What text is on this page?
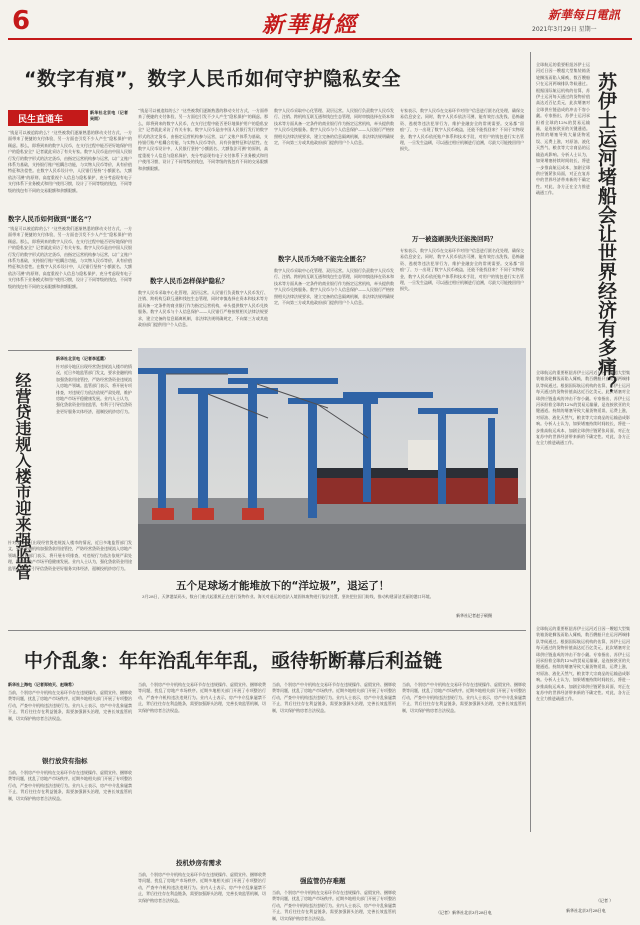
6	新華財經	新華每日電訊
2021年3月29日 星期一
“数字有痕”，数字人民币如何守护隐私安全
民生直通车
新华社北京电（记者吴雨）
“钱是可以被追踪的么？”这些被我们逐渐熟悉的移动支付方式，一方面带来了便捷的支付体验，另一方面也引发不少人产生“隐私保护”的顾虑。那么，即将到来的数字人民币，在支付过程中能否更好地保护用户的隐私安全？记者就此采访了有关专家。数字人民币是由中国人民银行发行的数字形式的法定货币，由指定运营机构参与运营，以广义账户体系为基础，支持银行账户松耦合功能，与实物人民币等价，具有价值特征和法偿性。在数字人民币设计中，人民银行坚持“小额匿名、大额依法可溯”的原则，高度重视个人信息与隐私保护，充分考虑现有电子支付体系下业务模式和用户使用习惯，设计了不同等级的钱包，不同等级的钱包有不同的交易限额和余额限额。
数字人民币如何做到“匿名”？
“钱是可以被追踪的么？”这些被我们逐渐熟悉的移动支付方式，一方面带来了便捷的支付体验，另一方面也引发不少人产生“隐私保护”的顾虑。那么，即将到来的数字人民币，在支付过程中能否更好地保护用户的隐私安全？记者就此采访了有关专家。数字人民币是由中国人民银行发行的数字形式的法定货币，由指定运营机构参与运营，以广义账户体系为基础，支持银行账户松耦合功能，与实物人民币等价，具有价值特征和法偿性。在数字人民币设计中，人民银行坚持“小额匿名、大额依法可溯”的原则，高度重视个人信息与隐私保护，充分考虑现有电子支付体系下业务模式和用户使用习惯，设计了不同等级的钱包，不同等级的钱包有不同的交易限额和余额限额。
“钱是可以被追踪的么？”这些被我们逐渐熟悉的移动支付方式，一方面带来了便捷的支付体验，另一方面也引发不少人产生“隐私保护”的顾虑。那么，即将到来的数字人民币，在支付过程中能否更好地保护用户的隐私安全？记者就此采访了有关专家。数字人民币是由中国人民银行发行的数字形式的法定货币，由指定运营机构参与运营，以广义账户体系为基础，支持银行账户松耦合功能，与实物人民币等价，具有价值特征和法偿性。在数字人民币设计中，人民银行坚持“小额匿名、大额依法可溯”的原则，高度重视个人信息与隐私保护，充分考虑现有电子支付体系下业务模式和用户使用习惯，设计了不同等级的钱包，不同等级的钱包有不同的交易限额和余额限额。
数字人民币怎样保护隐私？
数字人民币采取中心化管理、双层运营。人民银行负责数字人民币发行、注销、跨机构互联互通和钱包生态管理，同时审慎选择在资本和技术等方面具备一定条件的商业银行作为指定运营机构，牵头提供数字人民币兑换服务。数字人民币与个人信息保护——人民银行严格按照相关法律法规要求，建立完备的信息隔离机制，非法律法规明确规定，不向第三方或其他政府部门提供用户个人信息。
数字人民币采取中心化管理、双层运营。人民银行负责数字人民币发行、注销、跨机构互联互通和钱包生态管理，同时审慎选择在资本和技术等方面具备一定条件的商业银行作为指定运营机构，牵头提供数字人民币兑换服务。数字人民币与个人信息保护——人民银行严格按照相关法律法规要求，建立完备的信息隔离机制，非法律法规明确规定，不向第三方或其他政府部门提供用户个人信息。
数字人民币为啥不能完全匿名？
数字人民币采取中心化管理、双层运营。人民银行负责数字人民币发行、注销、跨机构互联互通和钱包生态管理，同时审慎选择在资本和技术等方面具备一定条件的商业银行作为指定运营机构，牵头提供数字人民币兑换服务。数字人民币与个人信息保护——人民银行严格按照相关法律法规要求，建立完备的信息隔离机制，非法律法规明确规定，不向第三方或其他政府部门提供用户个人信息。
专家表示，数字人民币在交易环节对用户信息进行匿名化处理，确保交易信息安全。同时，数字人民币依法可溯，能有效打击洗钱、恐怖融资、逃税等违法犯罪行为，维护金融安全的常规需要。交易都“留痕”了，万一出现了数字人民币被盗，还能不能找回来？不同于实物现金，数字人民币依托账户体系和技术手段，对用户的钱包进行实名管理，一旦发生盗刷，可以通过相应机制进行追溯，尽最大可能挽回用户损失。
万一被盗刷损失还能挽回吗？
专家表示，数字人民币在交易环节对用户信息进行匿名化处理，确保交易信息安全。同时，数字人民币依法可溯，能有效打击洗钱、恐怖融资、逃税等违法犯罪行为，维护金融安全的常规需要。交易都“留痕”了，万一出现了数字人民币被盗，还能不能找回来？不同于实物现金，数字人民币依托账户体系和技术手段，对用户的钱包进行实名管理，一旦发生盗刷，可以通过相应机制进行追溯，尽最大可能挽回用户损失。	苏伊士运河堵船会让世界经济有多痛？
全球航运的重要枢纽苏伊士运河近日因一艘超大型集装箱货轮搁浅而陷入瘫痪，数百艘船只在运河两端排队等候通过。根据国际航运机构的估算，苏伊士运河每天通过的货物价值高达近百亿美元，此次堵塞对全球供应链造成的冲击不容小觑。专家指出，苏伊士运河承担着全球约12%的贸易运输量，是连接欧亚的关键通道。持续的堵塞导致大量货物延误、运费上涨，对原油、液化天然气、粮食等大宗商品的运输造成影响。分析人士认为，如果堵塞持续时间较长，将进一步推高航运成本，加剧全球供应链紧张局面，对正在复苏中的世界经济带来新的不确定性。对此，各方正在全力推进疏通工作。
全球航运的重要枢纽苏伊士运河近日因一艘超大型集装箱货轮搁浅而陷入瘫痪，数百艘船只在运河两端排队等候通过。根据国际航运机构的估算，苏伊士运河每天通过的货物价值高达近百亿美元，此次堵塞对全球供应链造成的冲击不容小觑。专家指出，苏伊士运河承担着全球约12%的贸易运输量，是连接欧亚的关键通道。持续的堵塞导致大量货物延误、运费上涨，对原油、液化天然气、粮食等大宗商品的运输造成影响。分析人士认为，如果堵塞持续时间较长，将进一步推高航运成本，加剧全球供应链紧张局面，对正在复苏中的世界经济带来新的不确定性。对此，各方正在全力推进疏通工作。
全球航运的重要枢纽苏伊士运河近日因一艘超大型集装箱货轮搁浅而陷入瘫痪，数百艘船只在运河两端排队等候通过。根据国际航运机构的估算，苏伊士运河每天通过的货物价值高达近百亿美元，此次堵塞对全球供应链造成的冲击不容小觑。专家指出，苏伊士运河承担着全球约12%的贸易运输量，是连接欧亚的关键通道。持续的堵塞导致大量货物延误、运费上涨，对原油、液化天然气、粮食等大宗商品的运输造成影响。分析人士认为，如果堵塞持续时间较长，将进一步推高航运成本，加剧全球供应链紧张局面，对正在复苏中的世界经济带来新的不确定性。对此，各方正在全力推进疏通工作。
（记者 ）
新华社北京3月28日电
经营贷违规入楼市迎来强监管
新华社北京电（记者李延霞）
针对部分地区出现经营贷违规流入楼市的情况，近日多地监管部门发文，要求金融机构加强贷款用途管控，严防经营贷资金违规流入房地产领域。监管部门表示，将开展专项排查，对违规行为依法依规严肃处理，维护房地产市场平稳健康发展。业内人士认为，强化贷款资金用途监管，有利于引导信贷资金更好服务实体经济，遏制投机炒房行为。
针对部分地区出现经营贷违规流入楼市的情况，近日多地监管部门发文，要求金融机构加强贷款用途管控，严防经营贷资金违规流入房地产领域。监管部门表示，将开展专项排查，对违规行为依法依规严肃处理，维护房地产市场平稳健康发展。业内人士认为，强化贷款资金用途监管，有利于引导信贷资金更好服务实体经济，遏制投机炒房行为。
五个足球场才能堆放下的“洋垃圾”，退运了！
3月28日，天津港某码头，数台门座式起重机正在进行货物作业。海关对退运的违法入境固体废物进行依法处置，坚决把住国门防线，推动构建清洁美丽的港口环境。
新华社记者赵子硕摄
中介乱象：年年治乱年年乱，亟待斩断幕后利益链
新华社上海电（记者郑钧天、赵瑞希）
当前，个别房产中介机构在交易环节存在违规操作、虚假宣传、捆绑收费等问题，扰乱了房地产市场秩序。近期多地相关部门开展了专项整治行动，严查中介机构违法违规行为。业内人士表示，房产中介乱象屡禁不止，背后往往存在利益链条，需要加强源头治理，完善长效监管机制，切实保护购房者合法权益。
银行放贷有指标
当前，个别房产中介机构在交易环节存在违规操作、虚假宣传、捆绑收费等问题，扰乱了房地产市场秩序。近期多地相关部门开展了专项整治行动，严查中介机构违法违规行为。业内人士表示，房产中介乱象屡禁不止，背后往往存在利益链条，需要加强源头治理，完善长效监管机制，切实保护购房者合法权益。
当前，个别房产中介机构在交易环节存在违规操作、虚假宣传、捆绑收费等问题，扰乱了房地产市场秩序。近期多地相关部门开展了专项整治行动，严查中介机构违法违规行为。业内人士表示，房产中介乱象屡禁不止，背后往往存在利益链条，需要加强源头治理，完善长效监管机制，切实保护购房者合法权益。
投机炒房有需求
当前，个别房产中介机构在交易环节存在违规操作、虚假宣传、捆绑收费等问题，扰乱了房地产市场秩序。近期多地相关部门开展了专项整治行动，严查中介机构违法违规行为。业内人士表示，房产中介乱象屡禁不止，背后往往存在利益链条，需要加强源头治理，完善长效监管机制，切实保护购房者合法权益。
当前，个别房产中介机构在交易环节存在违规操作、虚假宣传、捆绑收费等问题，扰乱了房地产市场秩序。近期多地相关部门开展了专项整治行动，严查中介机构违法违规行为。业内人士表示，房产中介乱象屡禁不止，背后往往存在利益链条，需要加强源头治理，完善长效监管机制，切实保护购房者合法权益。
强监管仍存难题
当前，个别房产中介机构在交易环节存在违规操作、虚假宣传、捆绑收费等问题，扰乱了房地产市场秩序。近期多地相关部门开展了专项整治行动，严查中介机构违法违规行为。业内人士表示，房产中介乱象屡禁不止，背后往往存在利益链条，需要加强源头治理，完善长效监管机制，切实保护购房者合法权益。
当前，个别房产中介机构在交易环节存在违规操作、虚假宣传、捆绑收费等问题，扰乱了房地产市场秩序。近期多地相关部门开展了专项整治行动，严查中介机构违法违规行为。业内人士表示，房产中介乱象屡禁不止，背后往往存在利益链条，需要加强源头治理，完善长效监管机制，切实保护购房者合法权益。
（记者）新华社北京3月28日电
